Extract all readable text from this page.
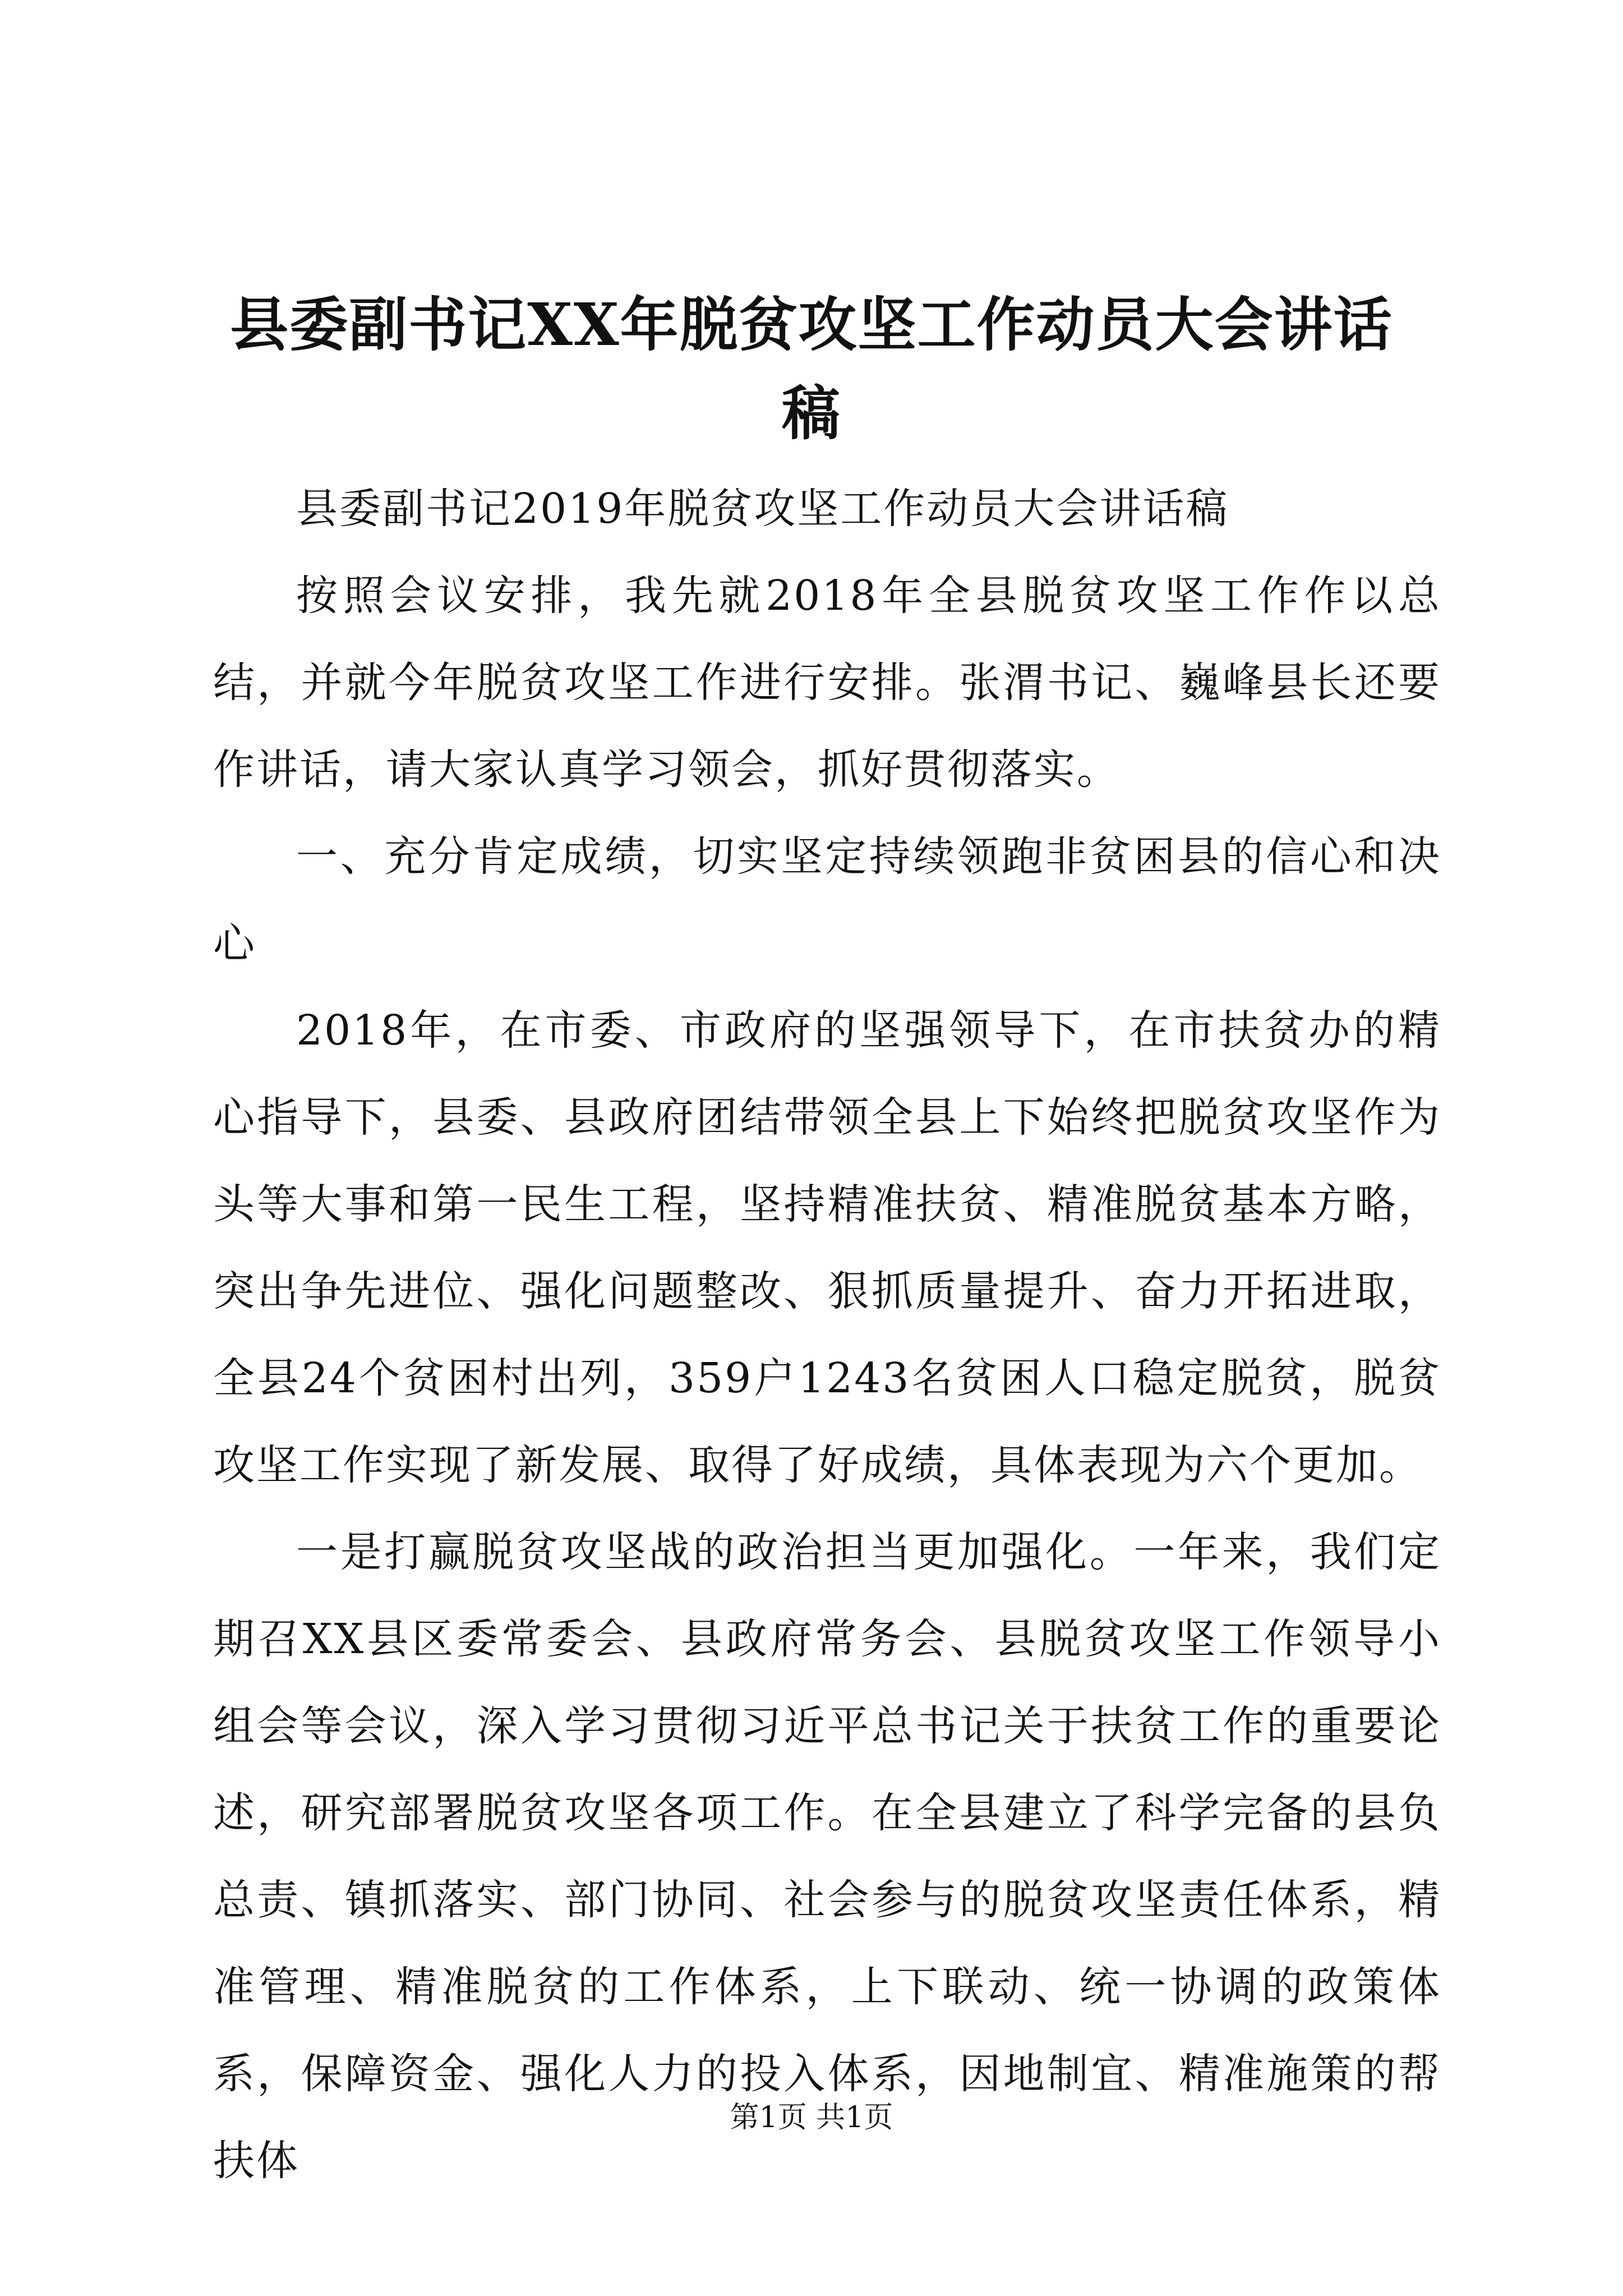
县委副书记XX年脱贫攻坚工作动员大会讲话稿

县委副书记2019年脱贫攻坚工作动员大会讲话稿

按照会议安排，我先就2018年全县脱贫攻坚工作作以总结，并就今年脱贫攻坚工作进行安排。张渭书记、巍峰县长还要作讲话，请大家认真学习领会，抓好贯彻落实。

一、充分肯定成绩，切实坚定持续领跑非贫困县的信心和决心

2018年，在市委、市政府的坚强领导下，在市扶贫办的精心指导下，县委、县政府团结带领全县上下始终把脱贫攻坚作为头等大事和第一民生工程，坚持精准扶贫、精准脱贫基本方略，突出争先进位、强化问题整改、狠抓质量提升、奋力开拓进取，全县24个贫困村出列，359户1243名贫困人口稳定脱贫，脱贫攻坚工作实现了新发展、取得了好成绩，具体表现为六个更加。

一是打赢脱贫攻坚战的政治担当更加强化。一年来，我们定期召XX县区委常委会、县政府常务会、县脱贫攻坚工作领导小组会等会议，深入学习贯彻习近平总书记关于扶贫工作的重要论述，研究部署脱贫攻坚各项工作。在全县建立了科学完备的县负总责、镇抓落实、部门协同、社会参与的脱贫攻坚责任体系，精准管理、精准脱贫的工作体系，上下联动、统一协调的政策体系，保障资金、强化人力的投入体系，因地制宜、精准施策的帮扶体

第1页 共1页
